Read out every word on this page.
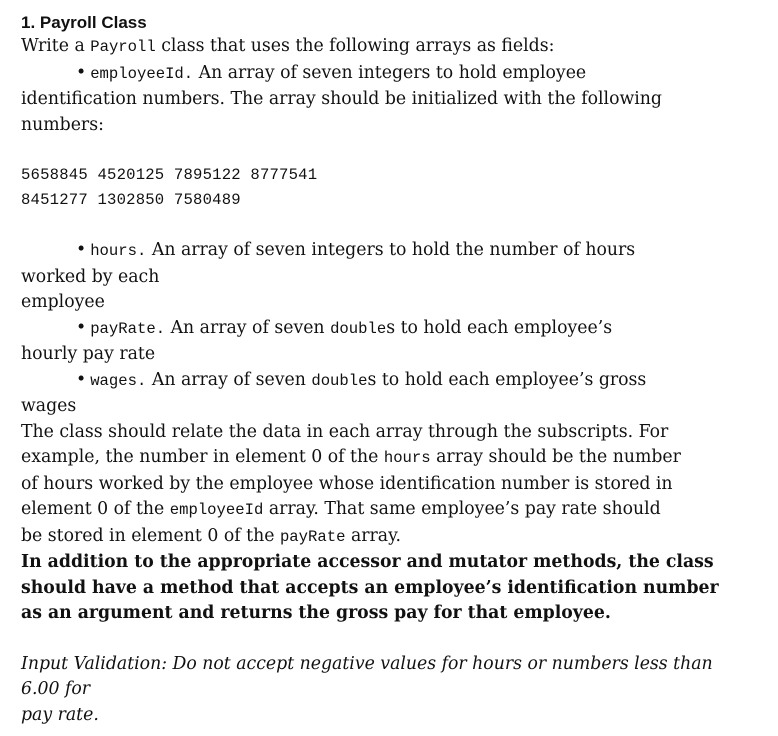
1. Payroll Class

Write a Payroll class that uses the following arrays as fields:

• employeeId. An array of seven integers to hold employee

identification numbers. The array should be initialized with the following

numbers:

5658845 4520125 7895122 8777541

8451277 1302850 7580489

• hours. An array of seven integers to hold the number of hours

worked by each

employee

• payRate. An array of seven doubles to hold each employee’s

hourly pay rate

• wages. An array of seven doubles to hold each employee’s gross

wages

The class should relate the data in each array through the subscripts. For

example, the number in element 0 of the hours array should be the number

of hours worked by the employee whose identification number is stored in

element 0 of the employeeId array. That same employee’s pay rate should

be stored in element 0 of the payRate array.

In addition to the appropriate accessor and mutator methods, the class

should have a method that accepts an employee’s identification number

as an argument and returns the gross pay for that employee.

Input Validation: Do not accept negative values for hours or numbers less than

6.00 for

pay rate.
